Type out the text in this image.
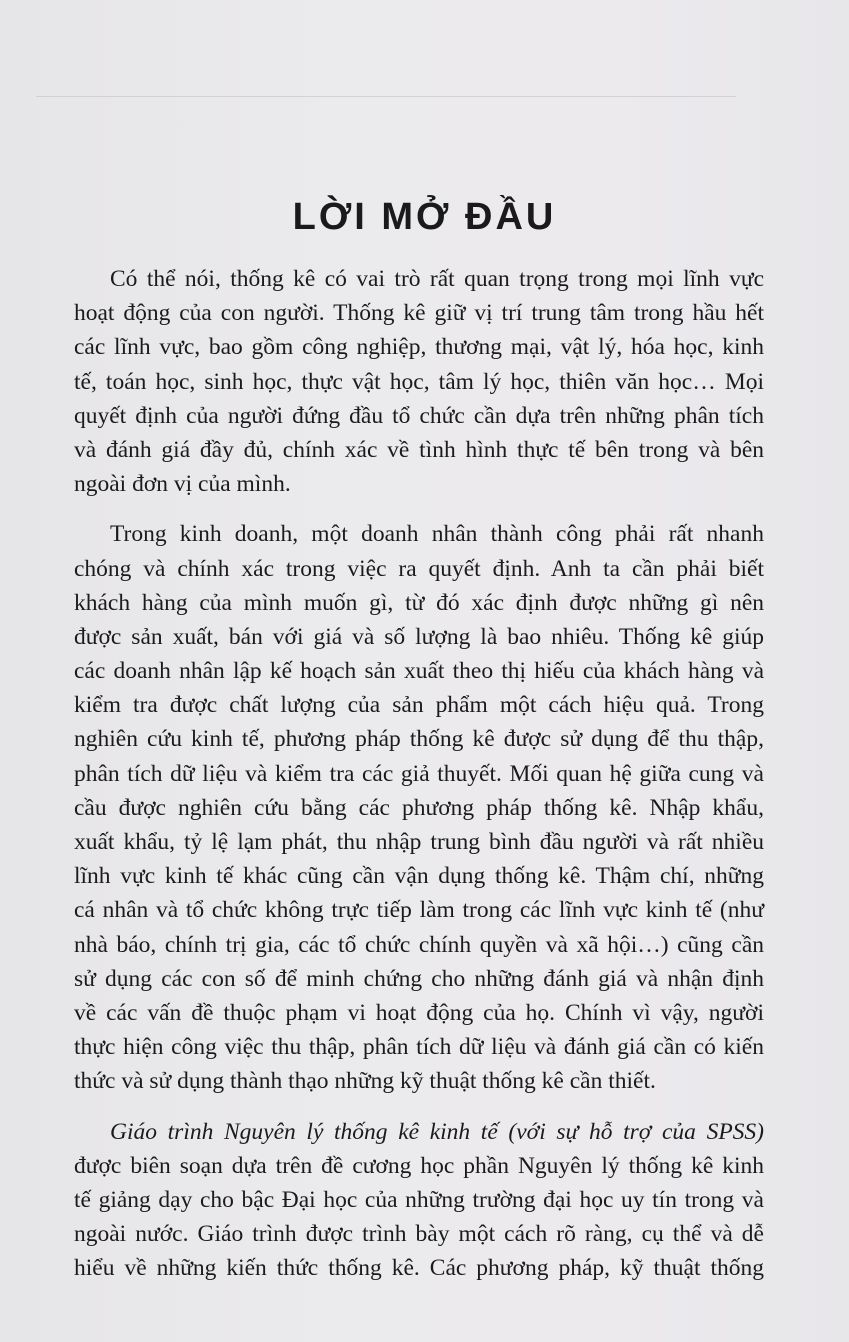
LỜI MỞ ĐẦU
Có thể nói, thống kê có vai trò rất quan trọng trong mọi lĩnh vực
hoạt động của con người. Thống kê giữ vị trí trung tâm trong hầu hết
các lĩnh vực, bao gồm công nghiệp, thương mại, vật lý, hóa học, kinh
tế, toán học, sinh học, thực vật học, tâm lý học, thiên văn học… Mọi
quyết định của người đứng đầu tổ chức cần dựa trên những phân tích
và đánh giá đầy đủ, chính xác về tình hình thực tế bên trong và bên
ngoài đơn vị của mình.
Trong kinh doanh, một doanh nhân thành công phải rất nhanh
chóng và chính xác trong việc ra quyết định. Anh ta cần phải biết
khách hàng của mình muốn gì, từ đó xác định được những gì nên
được sản xuất, bán với giá và số lượng là bao nhiêu. Thống kê giúp
các doanh nhân lập kế hoạch sản xuất theo thị hiếu của khách hàng và
kiểm tra được chất lượng của sản phẩm một cách hiệu quả. Trong
nghiên cứu kinh tế, phương pháp thống kê được sử dụng để thu thập,
phân tích dữ liệu và kiểm tra các giả thuyết. Mối quan hệ giữa cung và
cầu được nghiên cứu bằng các phương pháp thống kê. Nhập khẩu,
xuất khẩu, tỷ lệ lạm phát, thu nhập trung bình đầu người và rất nhiều
lĩnh vực kinh tế khác cũng cần vận dụng thống kê. Thậm chí, những
cá nhân và tổ chức không trực tiếp làm trong các lĩnh vực kinh tế (như
nhà báo, chính trị gia, các tổ chức chính quyền và xã hội…) cũng cần
sử dụng các con số để minh chứng cho những đánh giá và nhận định
về các vấn đề thuộc phạm vi hoạt động của họ. Chính vì vậy, người
thực hiện công việc thu thập, phân tích dữ liệu và đánh giá cần có kiến
thức và sử dụng thành thạo những kỹ thuật thống kê cần thiết.
Giáo trình Nguyên lý thống kê kinh tế (với sự hỗ trợ của SPSS)
được biên soạn dựa trên đề cương học phần Nguyên lý thống kê kinh
tế giảng dạy cho bậc Đại học của những trường đại học uy tín trong và
ngoài nước. Giáo trình được trình bày một cách rõ ràng, cụ thể và dễ
hiểu về những kiến thức thống kê. Các phương pháp, kỹ thuật thống
